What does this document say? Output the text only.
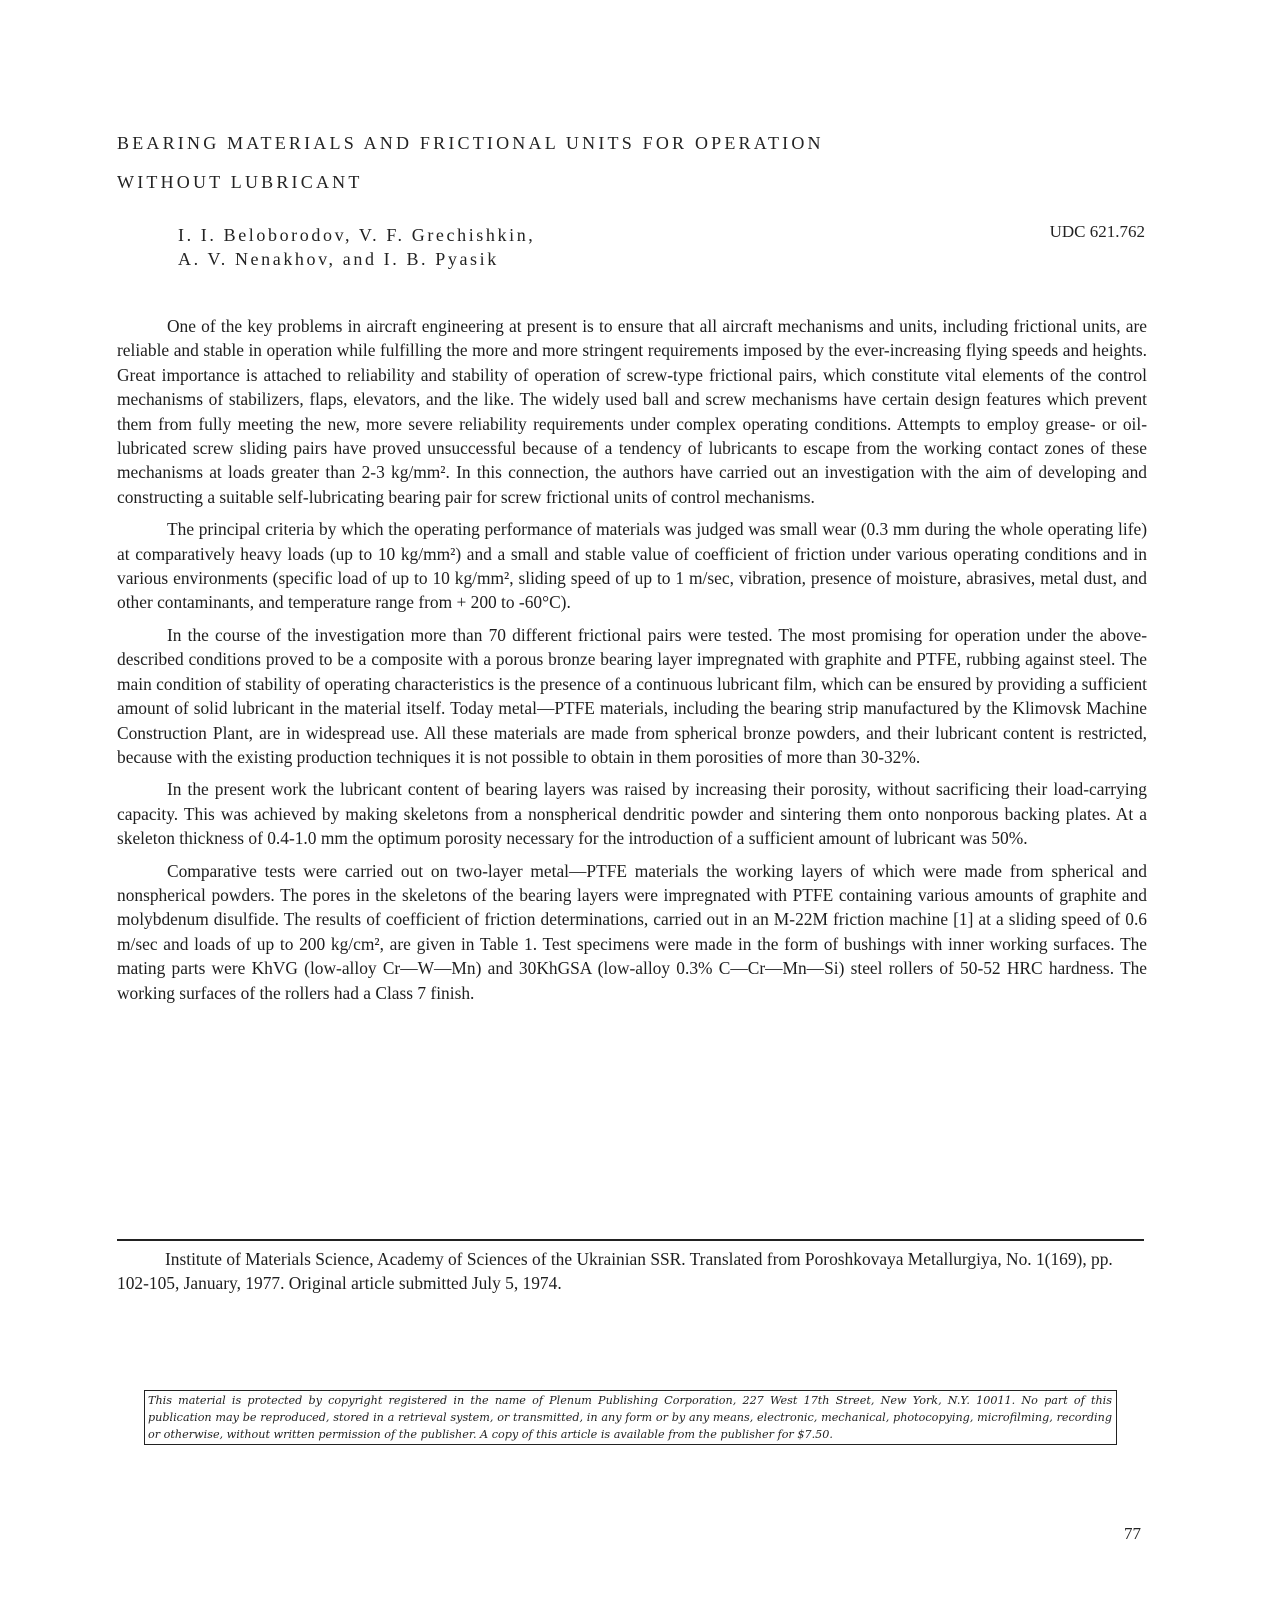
BEARING MATERIALS AND FRICTIONAL UNITS FOR OPERATION
WITHOUT LUBRICANT
I. I. Beloborodov, V. F. Grechishkin,
A. V. Nenakhov, and I. B. Pyasik
UDC 621.762

One of the key problems in aircraft engineering at present is to ensure that all aircraft mechanisms and units, including frictional units, are reliable and stable in operation while fulfilling the more and more stringent requirements imposed by the ever-increasing flying speeds and heights. Great importance is attached to reliability and stability of operation of screw-type frictional pairs, which constitute vital elements of the control mechanisms of stabilizers, flaps, elevators, and the like. The widely used ball and screw mechanisms have certain design features which prevent them from fully meeting the new, more severe reliability requirements under complex operating conditions. Attempts to employ grease- or oil-lubricated screw sliding pairs have proved unsuccessful because of a tendency of lubricants to escape from the working contact zones of these mechanisms at loads greater than 2-3 kg/mm². In this connection, the authors have carried out an investigation with the aim of developing and constructing a suitable self-lubricating bearing pair for screw frictional units of control mechanisms.

The principal criteria by which the operating performance of materials was judged was small wear (0.3 mm during the whole operating life) at comparatively heavy loads (up to 10 kg/mm²) and a small and stable value of coefficient of friction under various operating conditions and in various environments (specific load of up to 10 kg/mm², sliding speed of up to 1 m/sec, vibration, presence of moisture, abrasives, metal dust, and other contaminants, and temperature range from + 200 to -60°C).

In the course of the investigation more than 70 different frictional pairs were tested. The most promising for operation under the above-described conditions proved to be a composite with a porous bronze bearing layer impregnated with graphite and PTFE, rubbing against steel. The main condition of stability of operating characteristics is the presence of a continuous lubricant film, which can be ensured by providing a sufficient amount of solid lubricant in the material itself. Today metal—PTFE materials, including the bearing strip manufactured by the Klimovsk Machine Construction Plant, are in widespread use. All these materials are made from spherical bronze powders, and their lubricant content is restricted, because with the existing production techniques it is not possible to obtain in them porosities of more than 30-32%.

In the present work the lubricant content of bearing layers was raised by increasing their porosity, without sacrificing their load-carrying capacity. This was achieved by making skeletons from a nonspherical dendritic powder and sintering them onto nonporous backing plates. At a skeleton thickness of 0.4-1.0 mm the optimum porosity necessary for the introduction of a sufficient amount of lubricant was 50%.

Comparative tests were carried out on two-layer metal—PTFE materials the working layers of which were made from spherical and nonspherical powders. The pores in the skeletons of the bearing layers were impregnated with PTFE containing various amounts of graphite and molybdenum disulfide. The results of coefficient of friction determinations, carried out in an M-22M friction machine [1] at a sliding speed of 0.6 m/sec and loads of up to 200 kg/cm², are given in Table 1. Test specimens were made in the form of bushings with inner working surfaces. The mating parts were KhVG (low-alloy Cr—W—Mn) and 30KhGSA (low-alloy 0.3% C—Cr—Mn—Si) steel rollers of 50-52 HRC hardness. The working surfaces of the rollers had a Class 7 finish.

Institute of Materials Science, Academy of Sciences of the Ukrainian SSR. Translated from Poroshkovaya Metallurgiya, No. 1(169), pp. 102-105, January, 1977. Original article submitted July 5, 1974.
This material is protected by copyright registered in the name of Plenum Publishing Corporation, 227 West 17th Street, New York, N.Y. 10011. No part of this publication may be reproduced, stored in a retrieval system, or transmitted, in any form or by any means, electronic, mechanical, photocopying, microfilming, recording or otherwise, without written permission of the publisher. A copy of this article is available from the publisher for $7.50.
77
